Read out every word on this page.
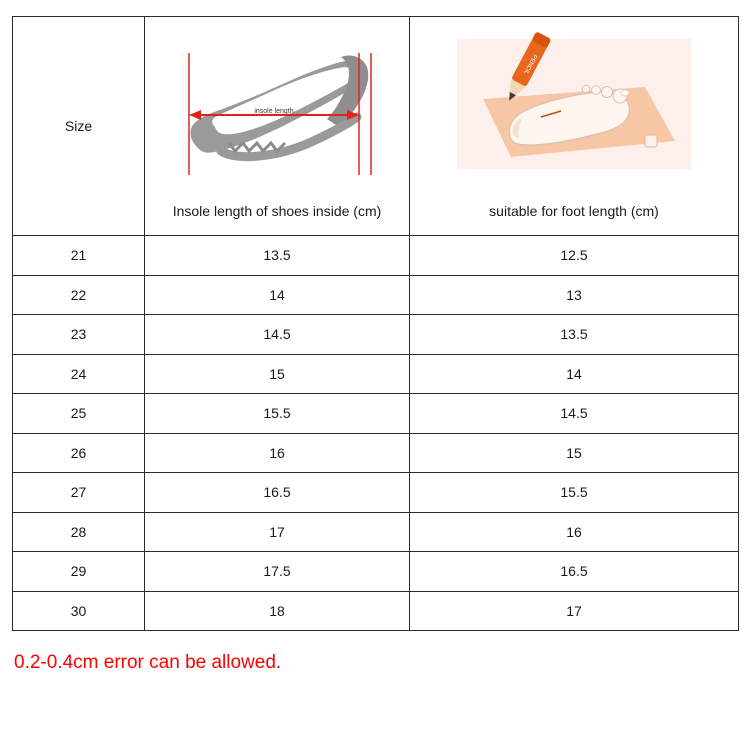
Size

insole length
Insole length of shoes inside (cm)

PENCIL
suitable for foot length (cm)

21	13.5	12.5
22	14	13
23	14.5	13.5
24	15	14
25	15.5	14.5
26	16	15
27	16.5	15.5
28	17	16
29	17.5	16.5
30	18	17
0.2-0.4cm error can be allowed.
